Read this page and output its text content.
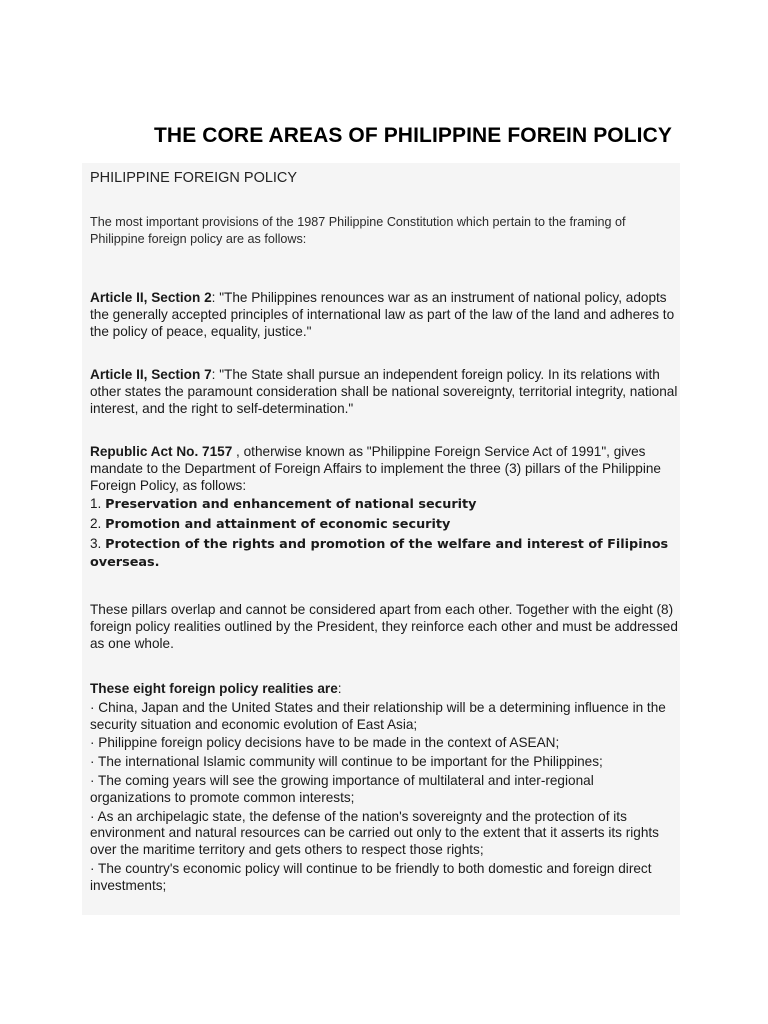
THE CORE AREAS OF PHILIPPINE FOREIN POLICY
PHILIPPINE FOREIGN POLICY
The most important provisions of the 1987 Philippine Constitution which pertain to the framing of Philippine foreign policy are as follows:
Article II, Section 2: "The Philippines renounces war as an instrument of national policy, adopts the generally accepted principles of international law as part of the law of the land and adheres to the policy of peace, equality, justice."
Article II, Section 7: "The State shall pursue an independent foreign policy. In its relations with other states the paramount consideration shall be national sovereignty, territorial integrity, national interest, and the right to self-determination."
Republic Act No. 7157 , otherwise known as "Philippine Foreign Service Act of 1991", gives mandate to the Department of Foreign Affairs to implement the three (3) pillars of the Philippine Foreign Policy, as follows:
1. Preservation and enhancement of national security
2. Promotion and attainment of economic security
3. Protection of the rights and promotion of the welfare and interest of Filipinos overseas.
These pillars overlap and cannot be considered apart from each other. Together with the eight (8) foreign policy realities outlined by the President, they reinforce each other and must be addressed as one whole.
These eight foreign policy realities are:
· China, Japan and the United States and their relationship will be a determining influence in the security situation and economic evolution of East Asia;
· Philippine foreign policy decisions have to be made in the context of ASEAN;
· The international Islamic community will continue to be important for the Philippines;
· The coming years will see the growing importance of multilateral and inter-regional organizations to promote common interests;
· As an archipelagic state, the defense of the nation's sovereignty and the protection of its environment and natural resources can be carried out only to the extent that it asserts its rights over the maritime territory and gets others to respect those rights;
· The country's economic policy will continue to be friendly to both domestic and foreign direct investments;
